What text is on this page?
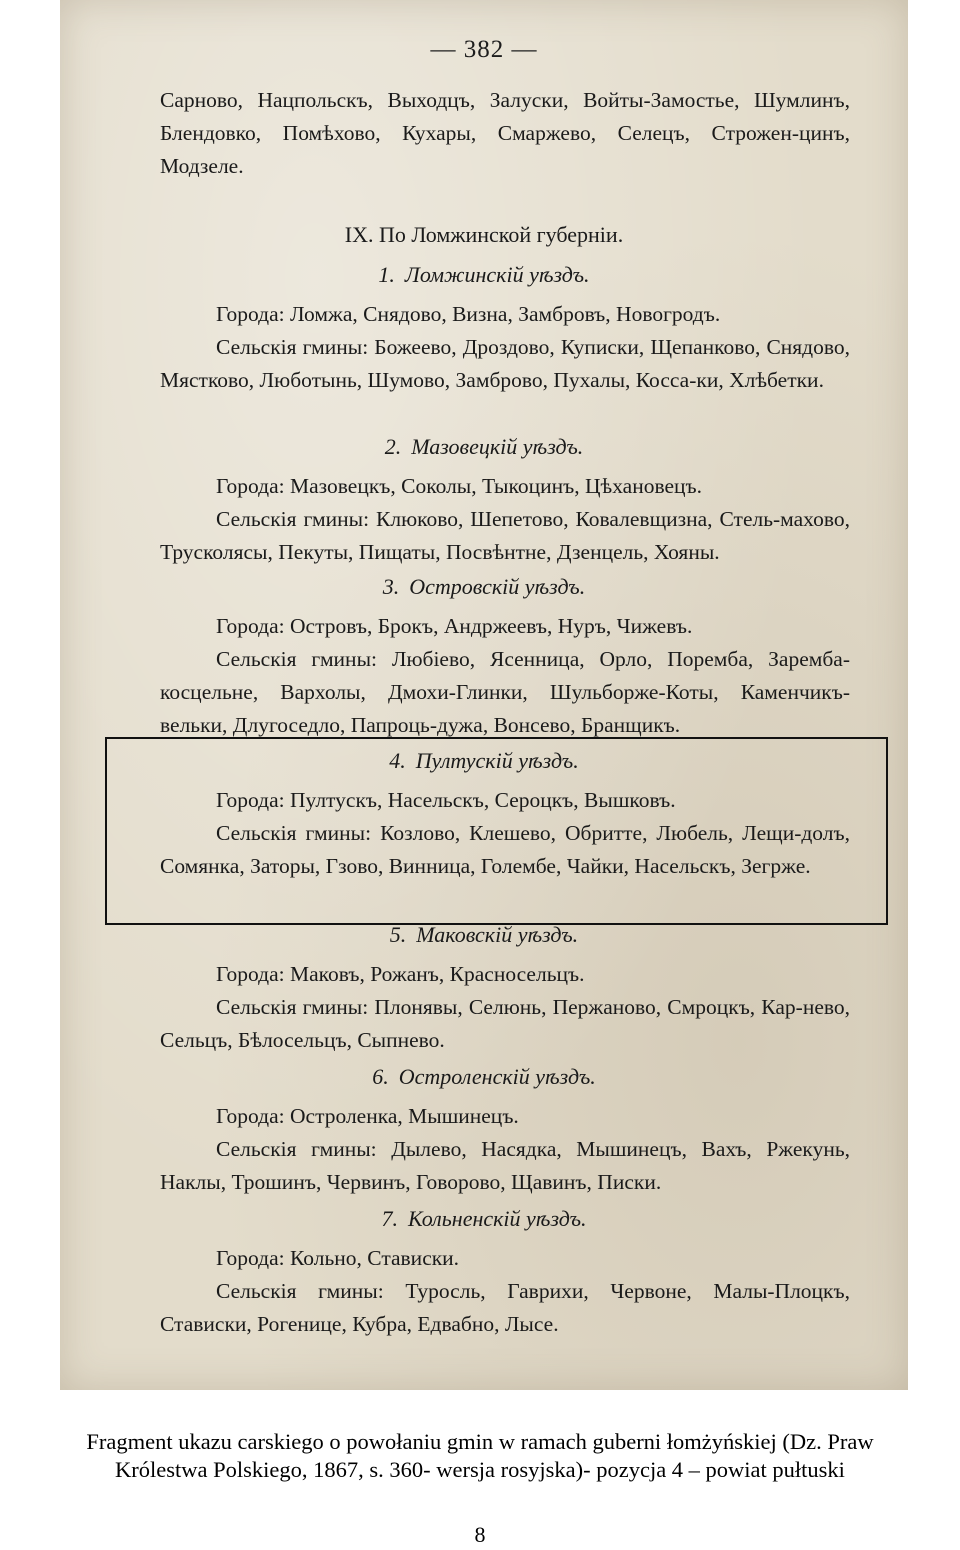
— 382 —

Сарново, Нацпольскъ, Выходцъ, Залуски, Войты-Замостье, Шумлинъ, Блендовко, Помѣхово, Кухары, Смаржево, Селецъ, Строжен-цинъ, Модзеле.

IX. По Ломжинской губерніи.
1. Ломжинскій уѣздъ.

Города: Ломжа, Снядово, Визна, Замбровъ, Новогродъ.

Сельскія гмины: Божеево, Дроздово, Куписки, Щепанково, Снядово, Мястково, Люботынь, Шумово, Замброво, Пухалы, Косса-ки, Хлѣбетки.

2. Мазовецкій уѣздъ.

Города: Мазовецкъ, Соколы, Тыкоцинъ, Цѣхановецъ.

Сельскія гмины: Клюково, Шепетово, Ковалевщизна, Стель-махово, Трусколясы, Пекуты, Пищаты, Посвѣнтне, Дзенцель, Хояны.

3. Островскій уѣздъ.

Города: Островъ, Брокъ, Андржеевъ, Нуръ, Чижевъ.

Сельскія гмины: Любіево, Ясенница, Орло, Поремба, Заремба-косцельне, Вархолы, Дмохи-Глинки, Шульборже-Коты, Каменчикъ-вельки, Длугоседло, Папроць-дужа, Вонсево, Бранщикъ.

4. Пултускій уѣздъ.

Города: Пултускъ, Насельскъ, Сероцкъ, Вышковъ.

Сельскія гмины: Козлово, Клешево, Обритте, Любель, Лещи-долъ, Сомянка, Заторы, Гзово, Винница, Голембе, Чайки, Насельскъ, Зегрже.

5. Маковскій уѣздъ.

Города: Маковъ, Рожанъ, Красносельцъ.

Сельскія гмины: Плонявы, Селюнь, Пержаново, Смроцкъ, Кар-нево, Сельцъ, Бѣлосельцъ, Сыпнево.

6. Остроленскій уѣздъ.

Города: Остроленка, Мышинецъ.

Сельскія гмины: Дылево, Насядка, Мышинецъ, Вахъ, Ржекунь, Наклы, Трошинъ, Червинъ, Говорово, Щавинъ, Писки.

7. Кольненскій уѣздъ.

Города: Кольно, Стависки.

Сельскія гмины: Туросль, Гаврихи, Червоне, Малы-Плоцкъ, Стависки, Рогенице, Кубра, Едвабно, Лысе.

Fragment ukazu carskiego o powołaniu gmin w ramach guberni łomżyńskiej (Dz. Praw
Królestwa Polskiego, 1867, s. 360- wersja rosyjska)- pozycja 4 – powiat pułtuski
8
